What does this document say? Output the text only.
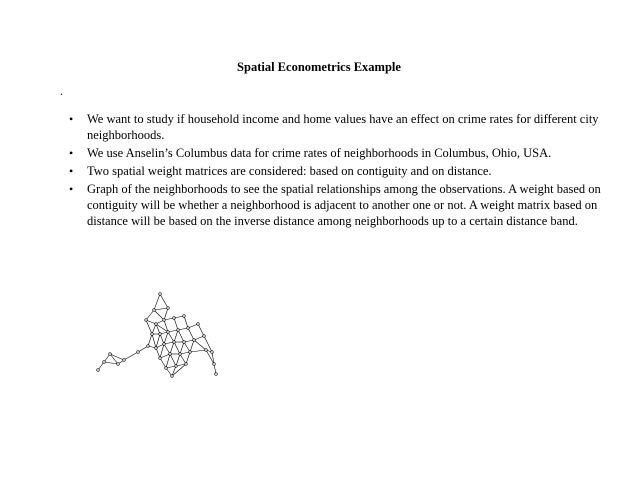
Spatial Econometrics Example
.
• We want to study if household income and home values have an effect on crime rates for different city neighborhoods.
• We use Anselin’s Columbus data for crime rates of neighborhoods in Columbus, Ohio, USA.
• Two spatial weight matrices are considered: based on contiguity and on distance.
• Graph of the neighborhoods to see the spatial relationships among the observations. A weight based on contiguity will be whether a neighborhood is adjacent to another one or not. A weight matrix based on distance will be based on the inverse distance among neighborhoods up to a certain distance band.
